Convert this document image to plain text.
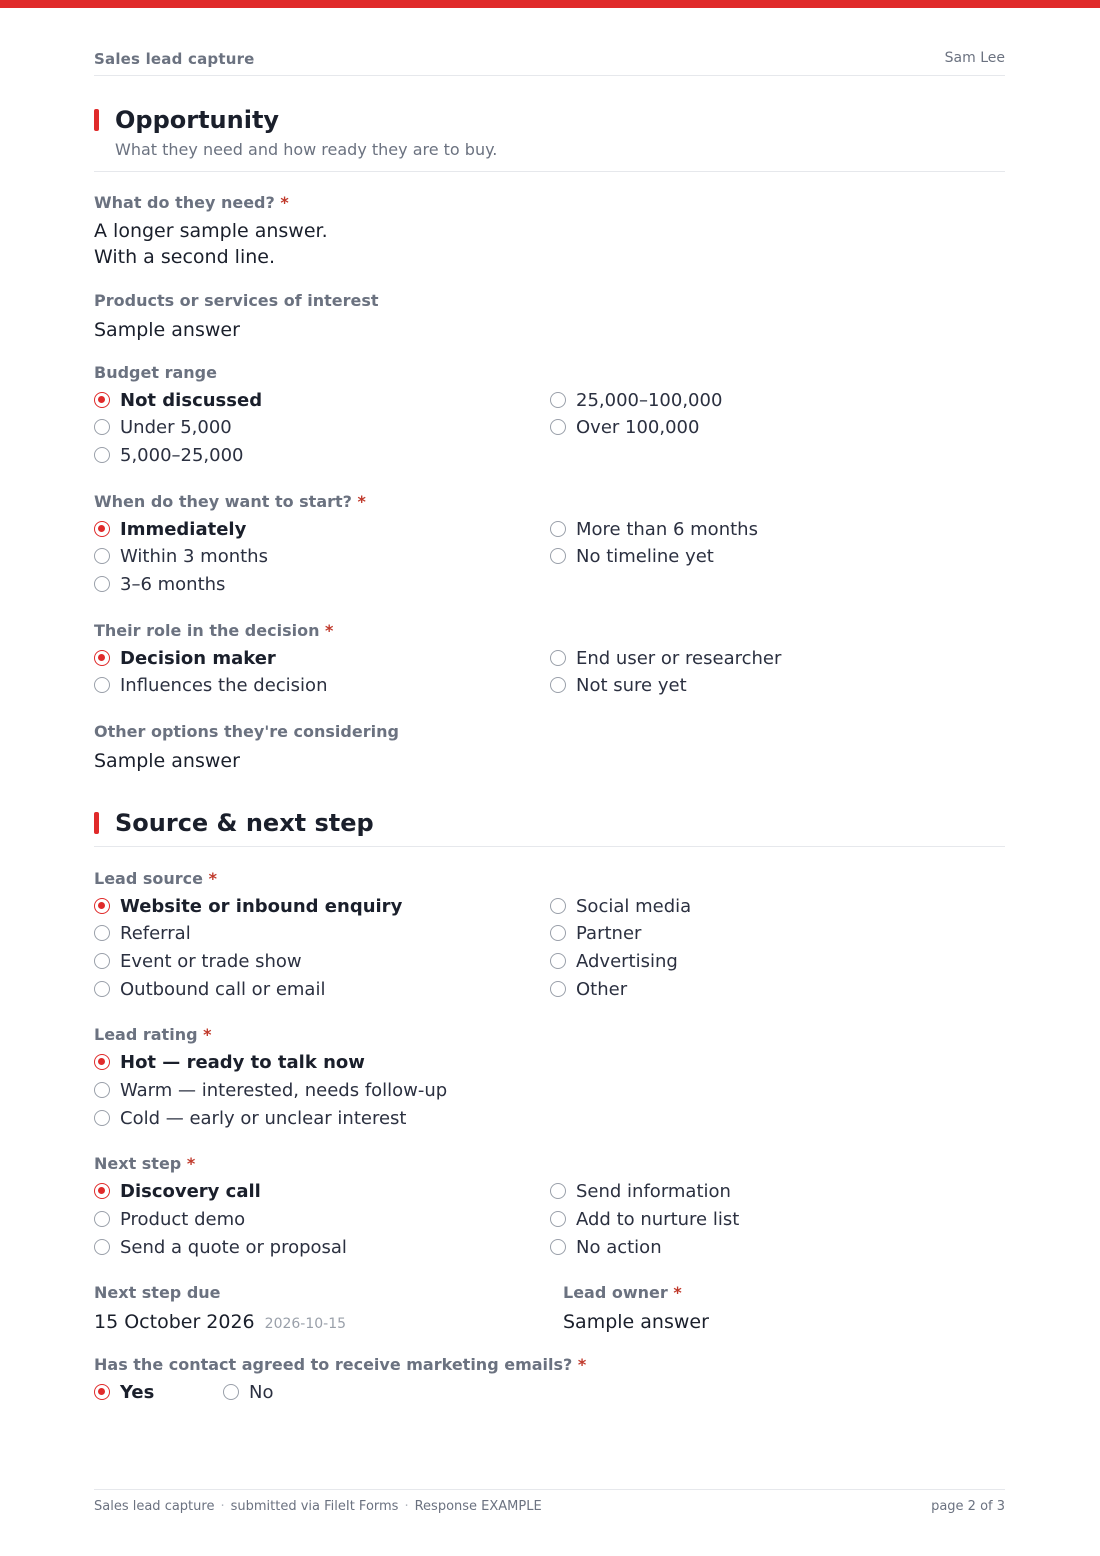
Sales lead capture	Sam Lee
Opportunity
What they need and how ready they are to buy.
What do they need? *
A longer sample answer.
With a second line.
Products or services of interest
Sample answer
Budget range
Not discussed
Under 5,000
5,000–25,000
25,000–100,000
Over 100,000
When do they want to start? *
Immediately
Within 3 months
3–6 months
More than 6 months
No timeline yet
Their role in the decision *
Decision maker
Influences the decision
End user or researcher
Not sure yet
Other options they're considering
Sample answer
Source & next step
Lead source *
Website or inbound enquiry
Referral
Event or trade show
Outbound call or email
Social media
Partner
Advertising
Other
Lead rating *
Hot — ready to talk now
Warm — interested, needs follow-up
Cold — early or unclear interest
Next step *
Discovery call
Product demo
Send a quote or proposal
Send information
Add to nurture list
No action
Next step due
15 October 2026 2026-10-15
Lead owner *
Sample answer
Has the contact agreed to receive marketing emails? *
Yes	No
Sales lead capture · submitted via FileIt Forms · Response EXAMPLE	page 2 of 3
